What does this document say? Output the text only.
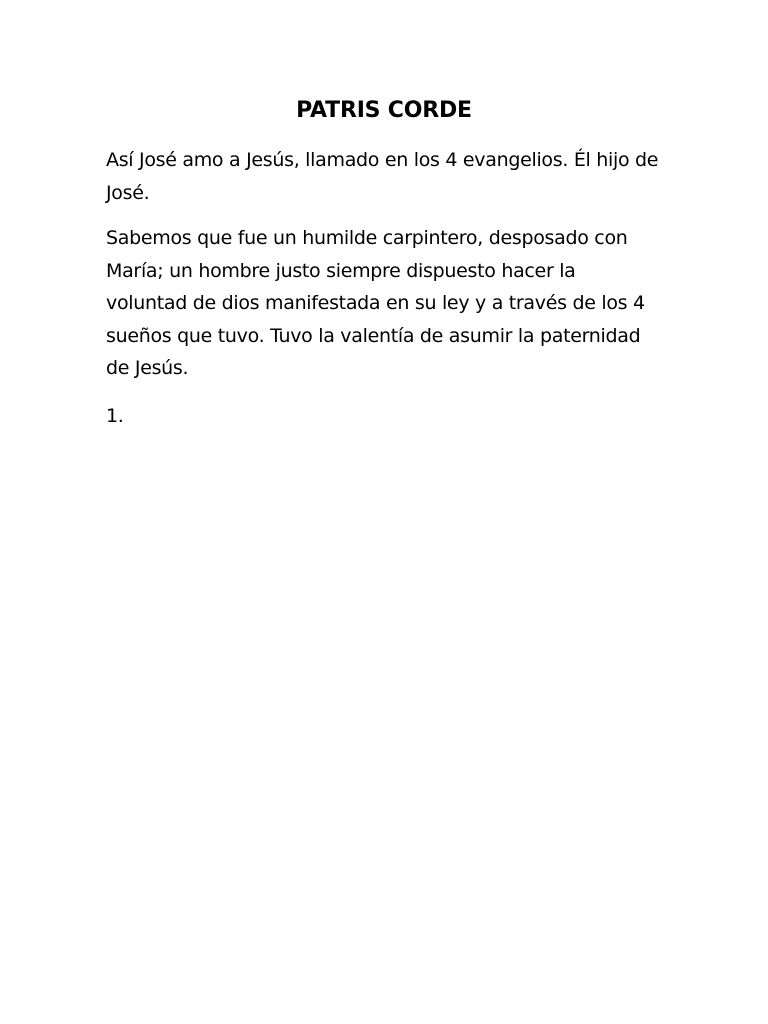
PATRIS CORDE
Así José amo a Jesús, llamado en los 4 evangelios. Él hijo de
José.
Sabemos que fue un humilde carpintero, desposado con
María; un hombre justo siempre dispuesto hacer la
voluntad de dios manifestada en su ley y a través de los 4
sueños que tuvo. Tuvo la valentía de asumir la paternidad
de Jesús.
1.
